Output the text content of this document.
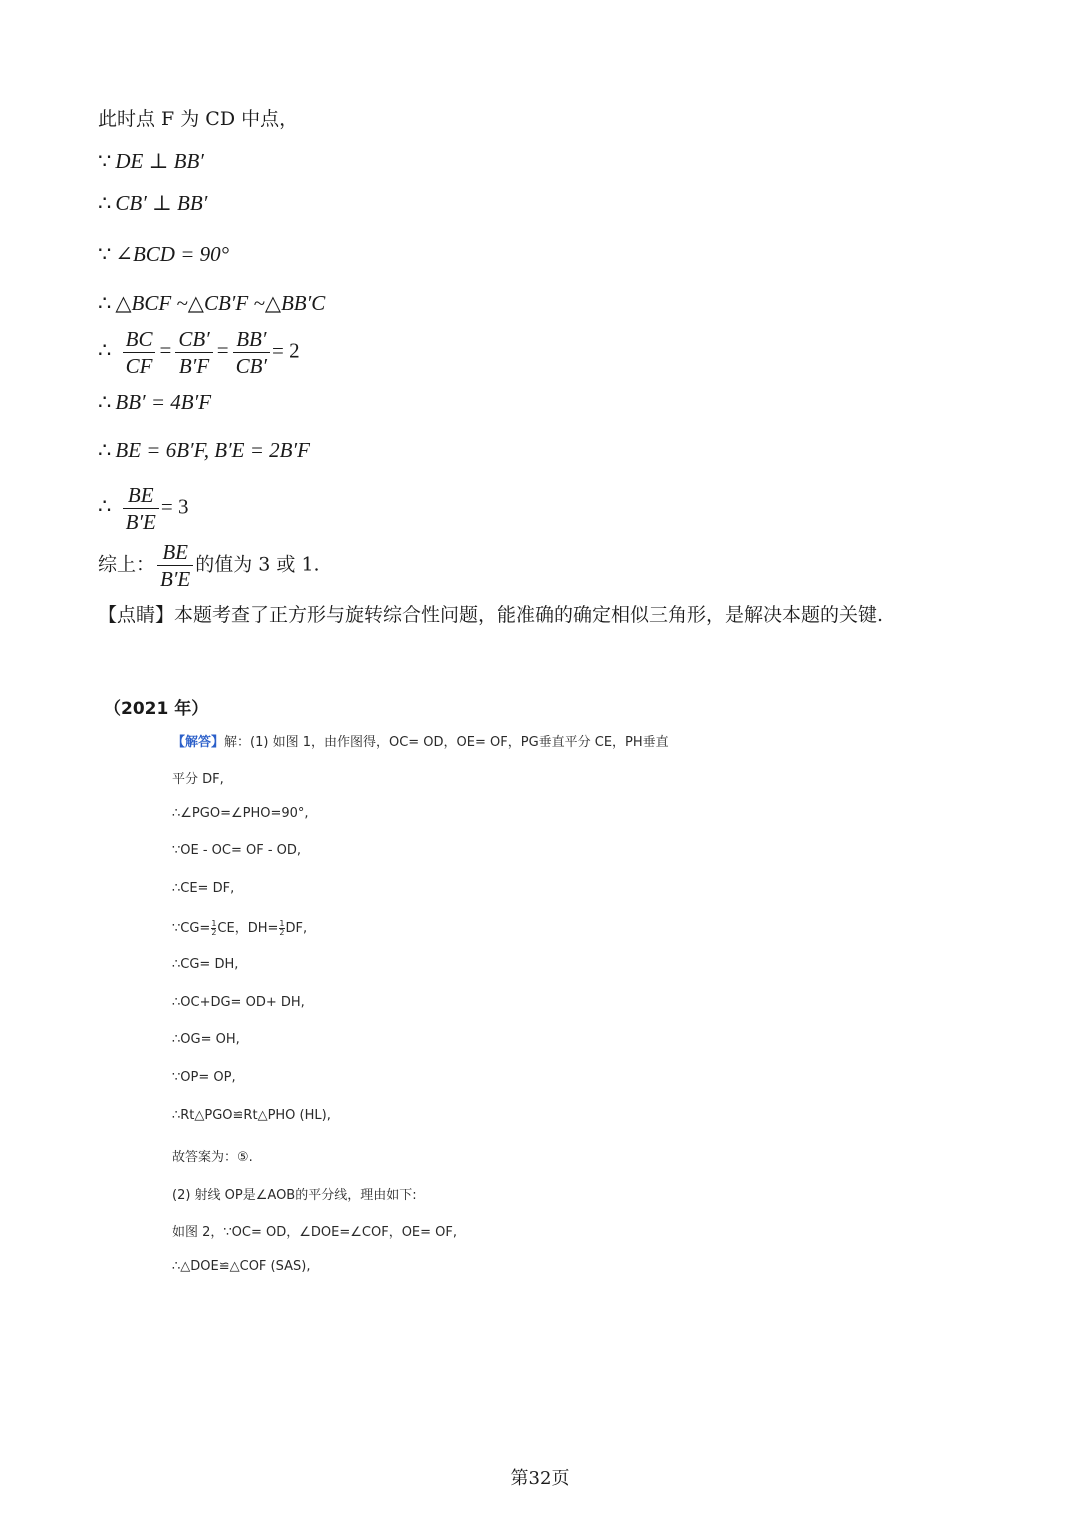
此时点 F 为 CD 中点，
∵ DE ⊥ BB′
∴ CB′ ⊥ BB′
∵ ∠BCD = 90°
∴ △BCF ~△CB′F ~△BB′C
∴ $\frac{BC}{CF} = \frac{CB'}{B'F} = \frac{BB'}{CB'} = 2$
∴ BB′ = 4B′F
∴ BE = 6B′F, B′E = 2B′F
∴ $\frac{BE}{B'E} = 3$
综上： $\frac{BE}{B'E}$ 的值为 3 或 1.
【点睛】本题考查了正方形与旋转综合性问题，能准确的确定相似三角形，是解决本题的关键.
（2021 年）
【解答】解：(1) 如图 1，由作图得，OC= OD，OE= OF，PG垂直平分 CE，PH垂直
平分 DF,
∴∠PGO=∠PHO=90°,
∵OE - OC= OF - OD,
∴CE= DF,
∵CG= $\frac{1}{2}$ CE，$DH= \frac{1}{2}$ DF,
∴CG= DH,
∴OC+DG= OD+ DH,
∴OG= OH,
∵OP= OP,
∴Rt△PGO≌Rt△PHO (HL),
故答案为：⑤.
(2) 射线 OP是∠AOB的平分线，理由如下:
如图 2，∵OC= OD，∠DOE=∠COF，OE= OF,
∴△DOE≌△COF (SAS),
第32页
